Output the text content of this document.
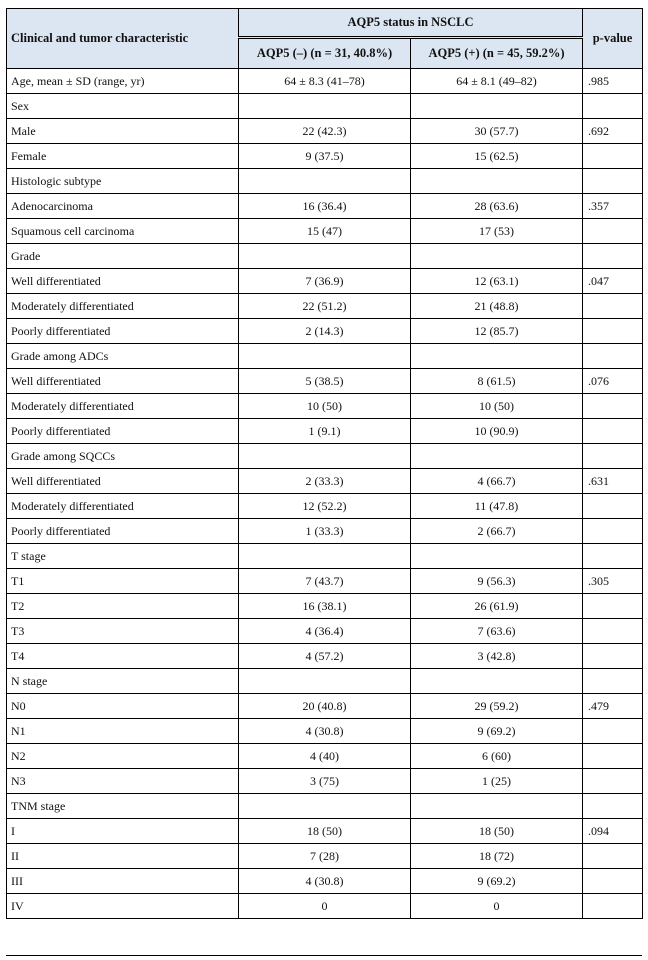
Clinical and tumor characteristic	AQP5 status in NSCLC		p-value
	AQP5 (–) (n = 31, 40.8%)	AQP5 (+) (n = 45, 59.2%)	
Age, mean ± SD (range, yr)	64 ± 8.3 (41–78)	64 ± 8.1 (49–82)	.985
Sex			
Male	22 (42.3)	30 (57.7)	.692
Female	9 (37.5)	15 (62.5)	
Histologic subtype			
Adenocarcinoma	16 (36.4)	28 (63.6)	.357
Squamous cell carcinoma	15 (47)	17 (53)	
Grade			
Well differentiated	7 (36.9)	12 (63.1)	.047
Moderately differentiated	22 (51.2)	21 (48.8)	
Poorly differentiated	2 (14.3)	12 (85.7)	
Grade among ADCs			
Well differentiated	5 (38.5)	8 (61.5)	.076
Moderately differentiated	10 (50)	10 (50)	
Poorly differentiated	1 (9.1)	10 (90.9)	
Grade among SQCCs			
Well differentiated	2 (33.3)	4 (66.7)	.631
Moderately differentiated	12 (52.2)	11 (47.8)	
Poorly differentiated	1 (33.3)	2 (66.7)	
T stage			
T1	7 (43.7)	9 (56.3)	.305
T2	16 (38.1)	26 (61.9)	
T3	4 (36.4)	7 (63.6)	
T4	4 (57.2)	3 (42.8)	
N stage			
N0	20 (40.8)	29 (59.2)	.479
N1	4 (30.8)	9 (69.2)	
N2	4 (40)	6 (60)	
N3	3 (75)	1 (25)	
TNM stage			
I	18 (50)	18 (50)	.094
II	7 (28)	18 (72)	
III	4 (30.8)	9 (69.2)	
IV	0	0	
